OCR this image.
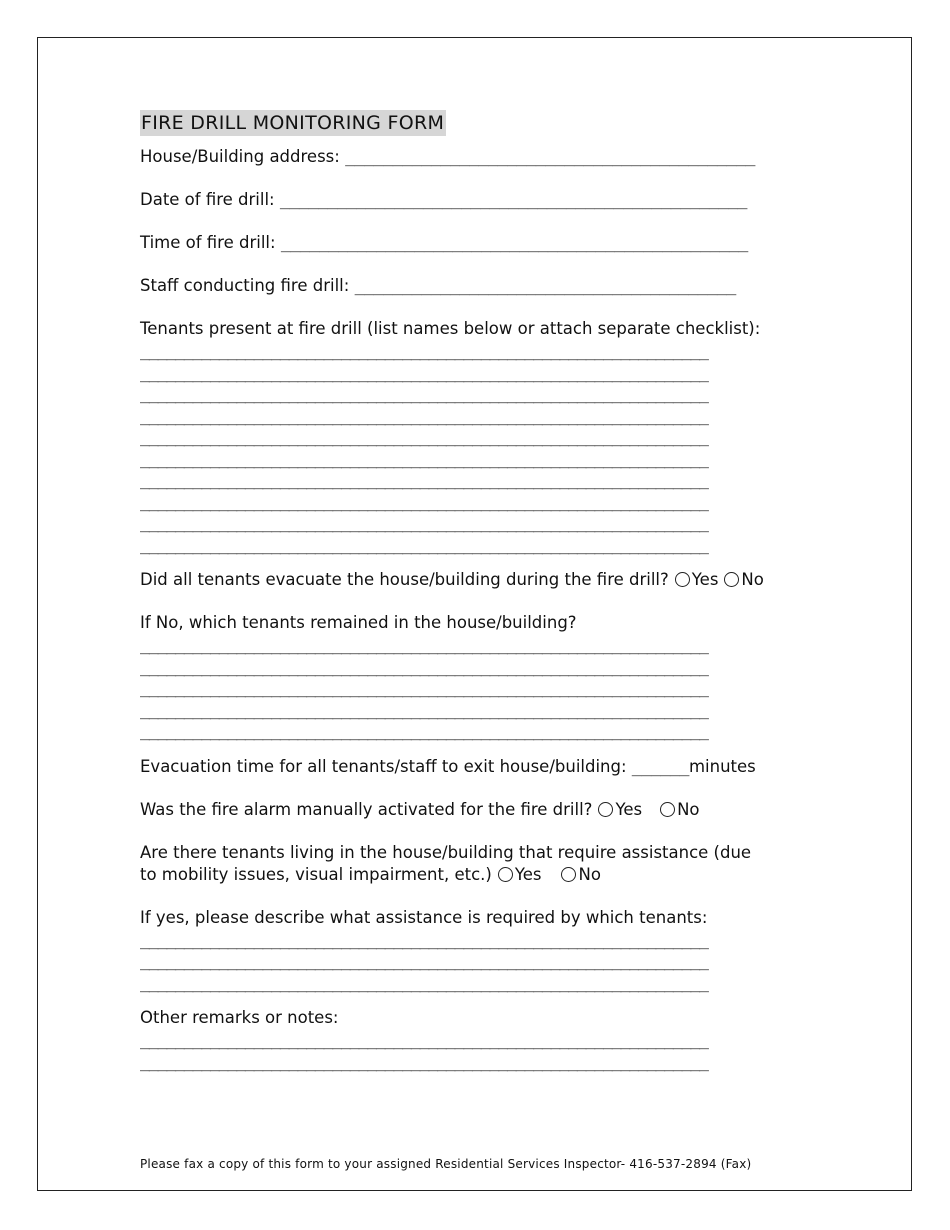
FIRE DRILL MONITORING FORM

House/Building address: ___________________________________________

Date of fire drill: _________________________________________________

Time of fire drill: _________________________________________________

Staff conducting fire drill: ________________________________________

Tenants present at fire drill (list names below or attach separate checklist):

_________________________________________________________________

_________________________________________________________________

_________________________________________________________________

_________________________________________________________________

_________________________________________________________________

_________________________________________________________________

_________________________________________________________________

_________________________________________________________________

_________________________________________________________________

_________________________________________________________________

Did all tenants evacuate the house/building during the fire drill? Yes No

If No, which tenants remained in the house/building?

_________________________________________________________________

_________________________________________________________________

_________________________________________________________________

_________________________________________________________________

_________________________________________________________________

Evacuation time for all tenants/staff to exit house/building: ______minutes

Was the fire alarm manually activated for the fire drill? Yes No

Are there tenants living in the house/building that require assistance (due

to mobility issues, visual impairment, etc.) Yes No

If yes, please describe what assistance is required by which tenants:

_________________________________________________________________

_________________________________________________________________

_________________________________________________________________

Other remarks or notes:

_________________________________________________________________

_________________________________________________________________

Please fax a copy of this form to your assigned Residential Services Inspector- 416-537-2894 (Fax)
